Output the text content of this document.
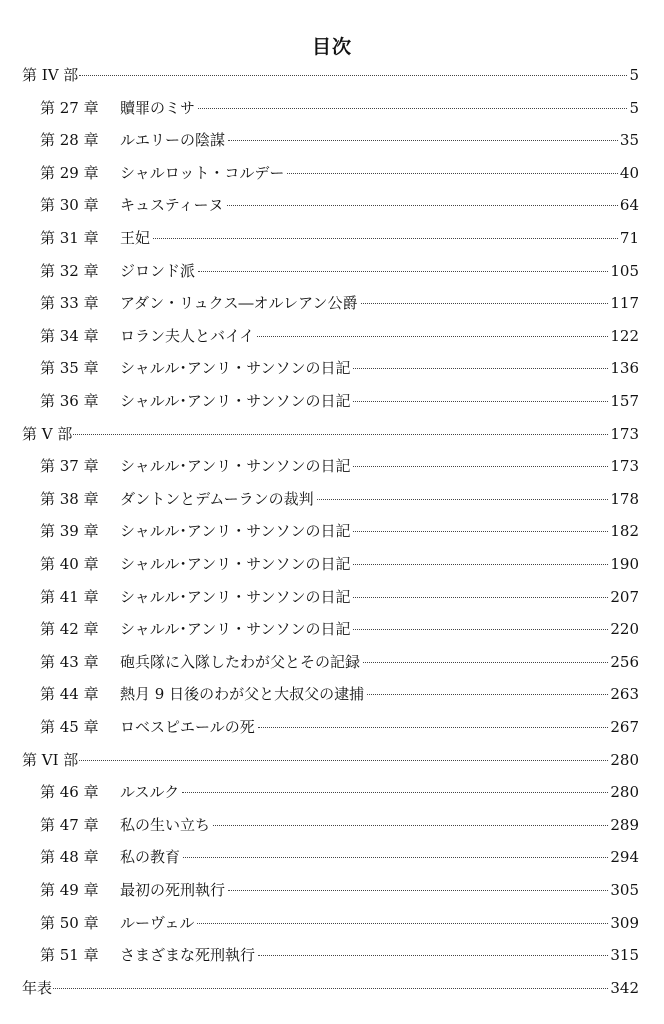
目次
第 IV 部	5
第 27 章	贖罪のミサ	5
第 28 章	ルエリーの陰謀	35
第 29 章	シャルロット・コルデー	40
第 30 章	キュスティーヌ	64
第 31 章	王妃	71
第 32 章	ジロンド派	105
第 33 章	アダン・リュクス―オルレアン公爵	117
第 34 章	ロラン夫人とバイイ	122
第 35 章	シャルル･アンリ・サンソンの日記	136
第 36 章	シャルル･アンリ・サンソンの日記	157
第 V 部	173
第 37 章	シャルル･アンリ・サンソンの日記	173
第 38 章	ダントンとデムーランの裁判	178
第 39 章	シャルル･アンリ・サンソンの日記	182
第 40 章	シャルル･アンリ・サンソンの日記	190
第 41 章	シャルル･アンリ・サンソンの日記	207
第 42 章	シャルル･アンリ・サンソンの日記	220
第 43 章	砲兵隊に入隊したわが父とその記録	256
第 44 章	熱月 9 日後のわが父と大叔父の逮捕	263
第 45 章	ロベスピエールの死	267
第 VI 部	280
第 46 章	ルスルク	280
第 47 章	私の生い立ち	289
第 48 章	私の教育	294
第 49 章	最初の死刑執行	305
第 50 章	ルーヴェル	309
第 51 章	さまざまな死刑執行	315
年表	342
